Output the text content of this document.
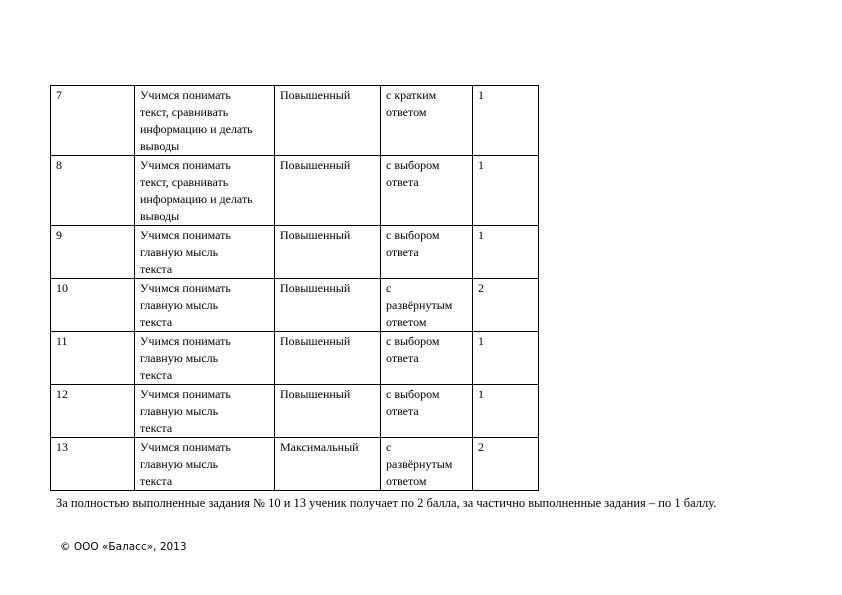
7	Учимся понимать
текст, сравнивать
информацию и делать
выводы	Повышенный	с кратким
ответом	1

8	Учимся понимать
текст, сравнивать
информацию и делать
выводы	Повышенный	с выбором
ответа	1

9	Учимся понимать
главную мысль
текста	Повышенный	с выбором
ответа	1

10	Учимся понимать
главную мысль
текста	Повышенный	с
развёрнутым
ответом	2

11	Учимся понимать
главную мысль
текста	Повышенный	с выбором
ответа	1

12	Учимся понимать
главную мысль
текста	Повышенный	с выбором
ответа	1

13	Учимся понимать
главную мысль
текста	Максимальный	с
развёрнутым
ответом	2
За полностью выполненные задания № 10 и 13 ученик получает по 2 балла, за частично выполненные задания – по 1 баллу.
© ООО «Баласс», 2013
